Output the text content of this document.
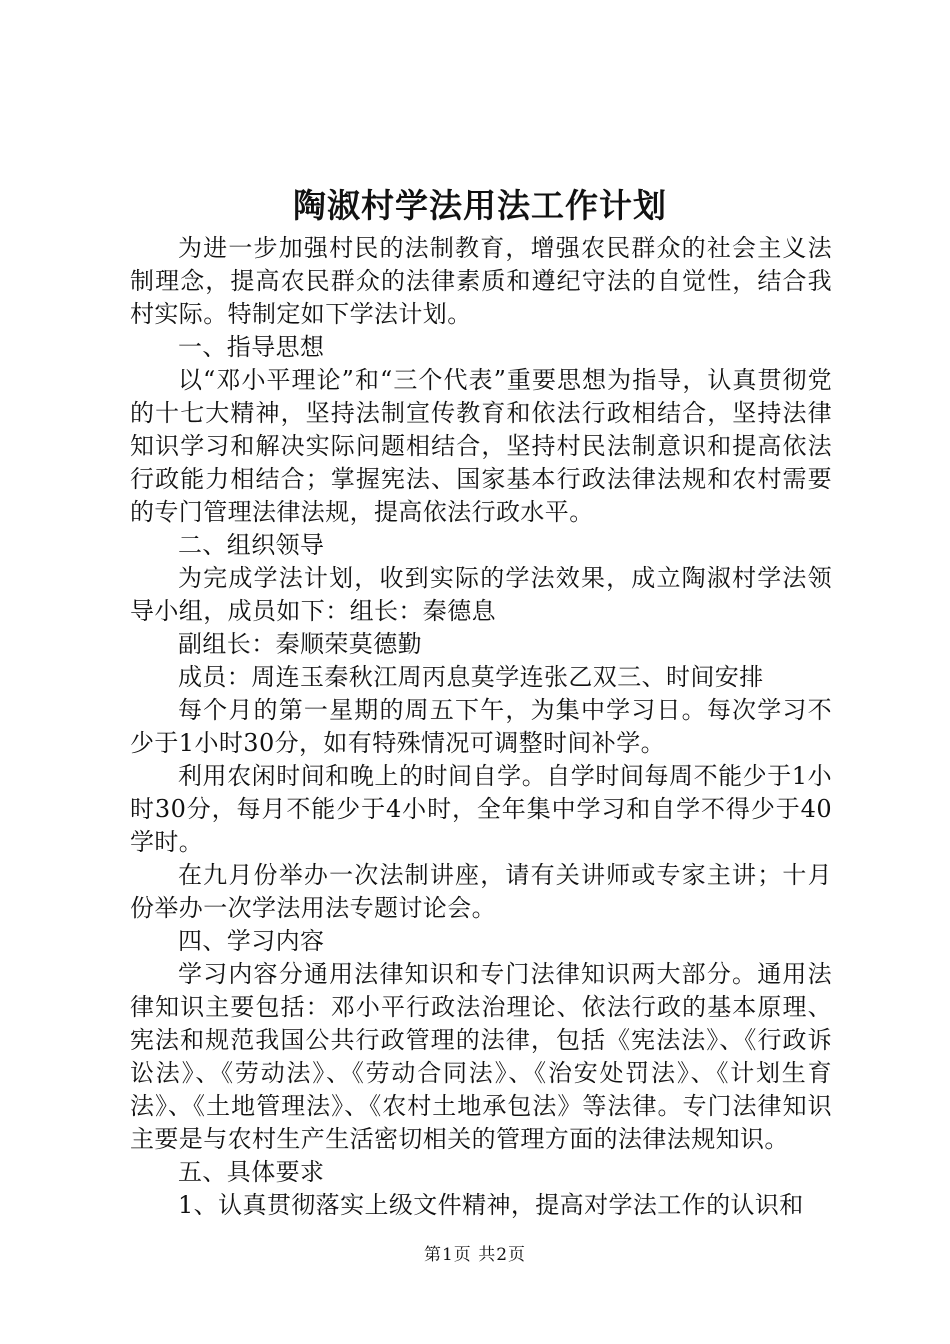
陶淑村学法用法工作计划

为进一步加强村民的法制教育，增强农民群众的社会主义法制理念，提高农民群众的法律素质和遵纪守法的自觉性，结合我村实际。特制定如下学法计划。

一、指导思想

以“邓小平理论”和“三个代表”重要思想为指导，认真贯彻党的十七大精神，坚持法制宣传教育和依法行政相结合，坚持法律知识学习和解决实际问题相结合，坚持村民法制意识和提高依法行政能力相结合；掌握宪法、国家基本行政法律法规和农村需要的专门管理法律法规，提高依法行政水平。

二、组织领导

为完成学法计划，收到实际的学法效果，成立陶淑村学法领导小组，成员如下：组长：秦德息

副组长：秦顺荣莫德勤

成员：周连玉秦秋江周丙息莫学连张乙双三、时间安排

每个月的第一星期的周五下午，为集中学习日。每次学习不少于1小时30分，如有特殊情况可调整时间补学。

利用农闲时间和晚上的时间自学。自学时间每周不能少于1小时30分，每月不能少于4小时，全年集中学习和自学不得少于40学时。

在九月份举办一次法制讲座，请有关讲师或专家主讲；十月份举办一次学法用法专题讨论会。

四、学习内容

学习内容分通用法律知识和专门法律知识两大部分。通用法律知识主要包括：邓小平行政法治理论、依法行政的基本原理、宪法和规范我国公共行政管理的法律，包括《宪法法》、《行政诉讼法》、《劳动法》、《劳动合同法》、《治安处罚法》、《计划生育法》、《土地管理法》、《农村土地承包法》等法律。专门法律知识主要是与农村生产生活密切相关的管理方面的法律法规知识。

五、具体要求

1、认真贯彻落实上级文件精神，提高对学法工作的认识和

第1页 共2页
